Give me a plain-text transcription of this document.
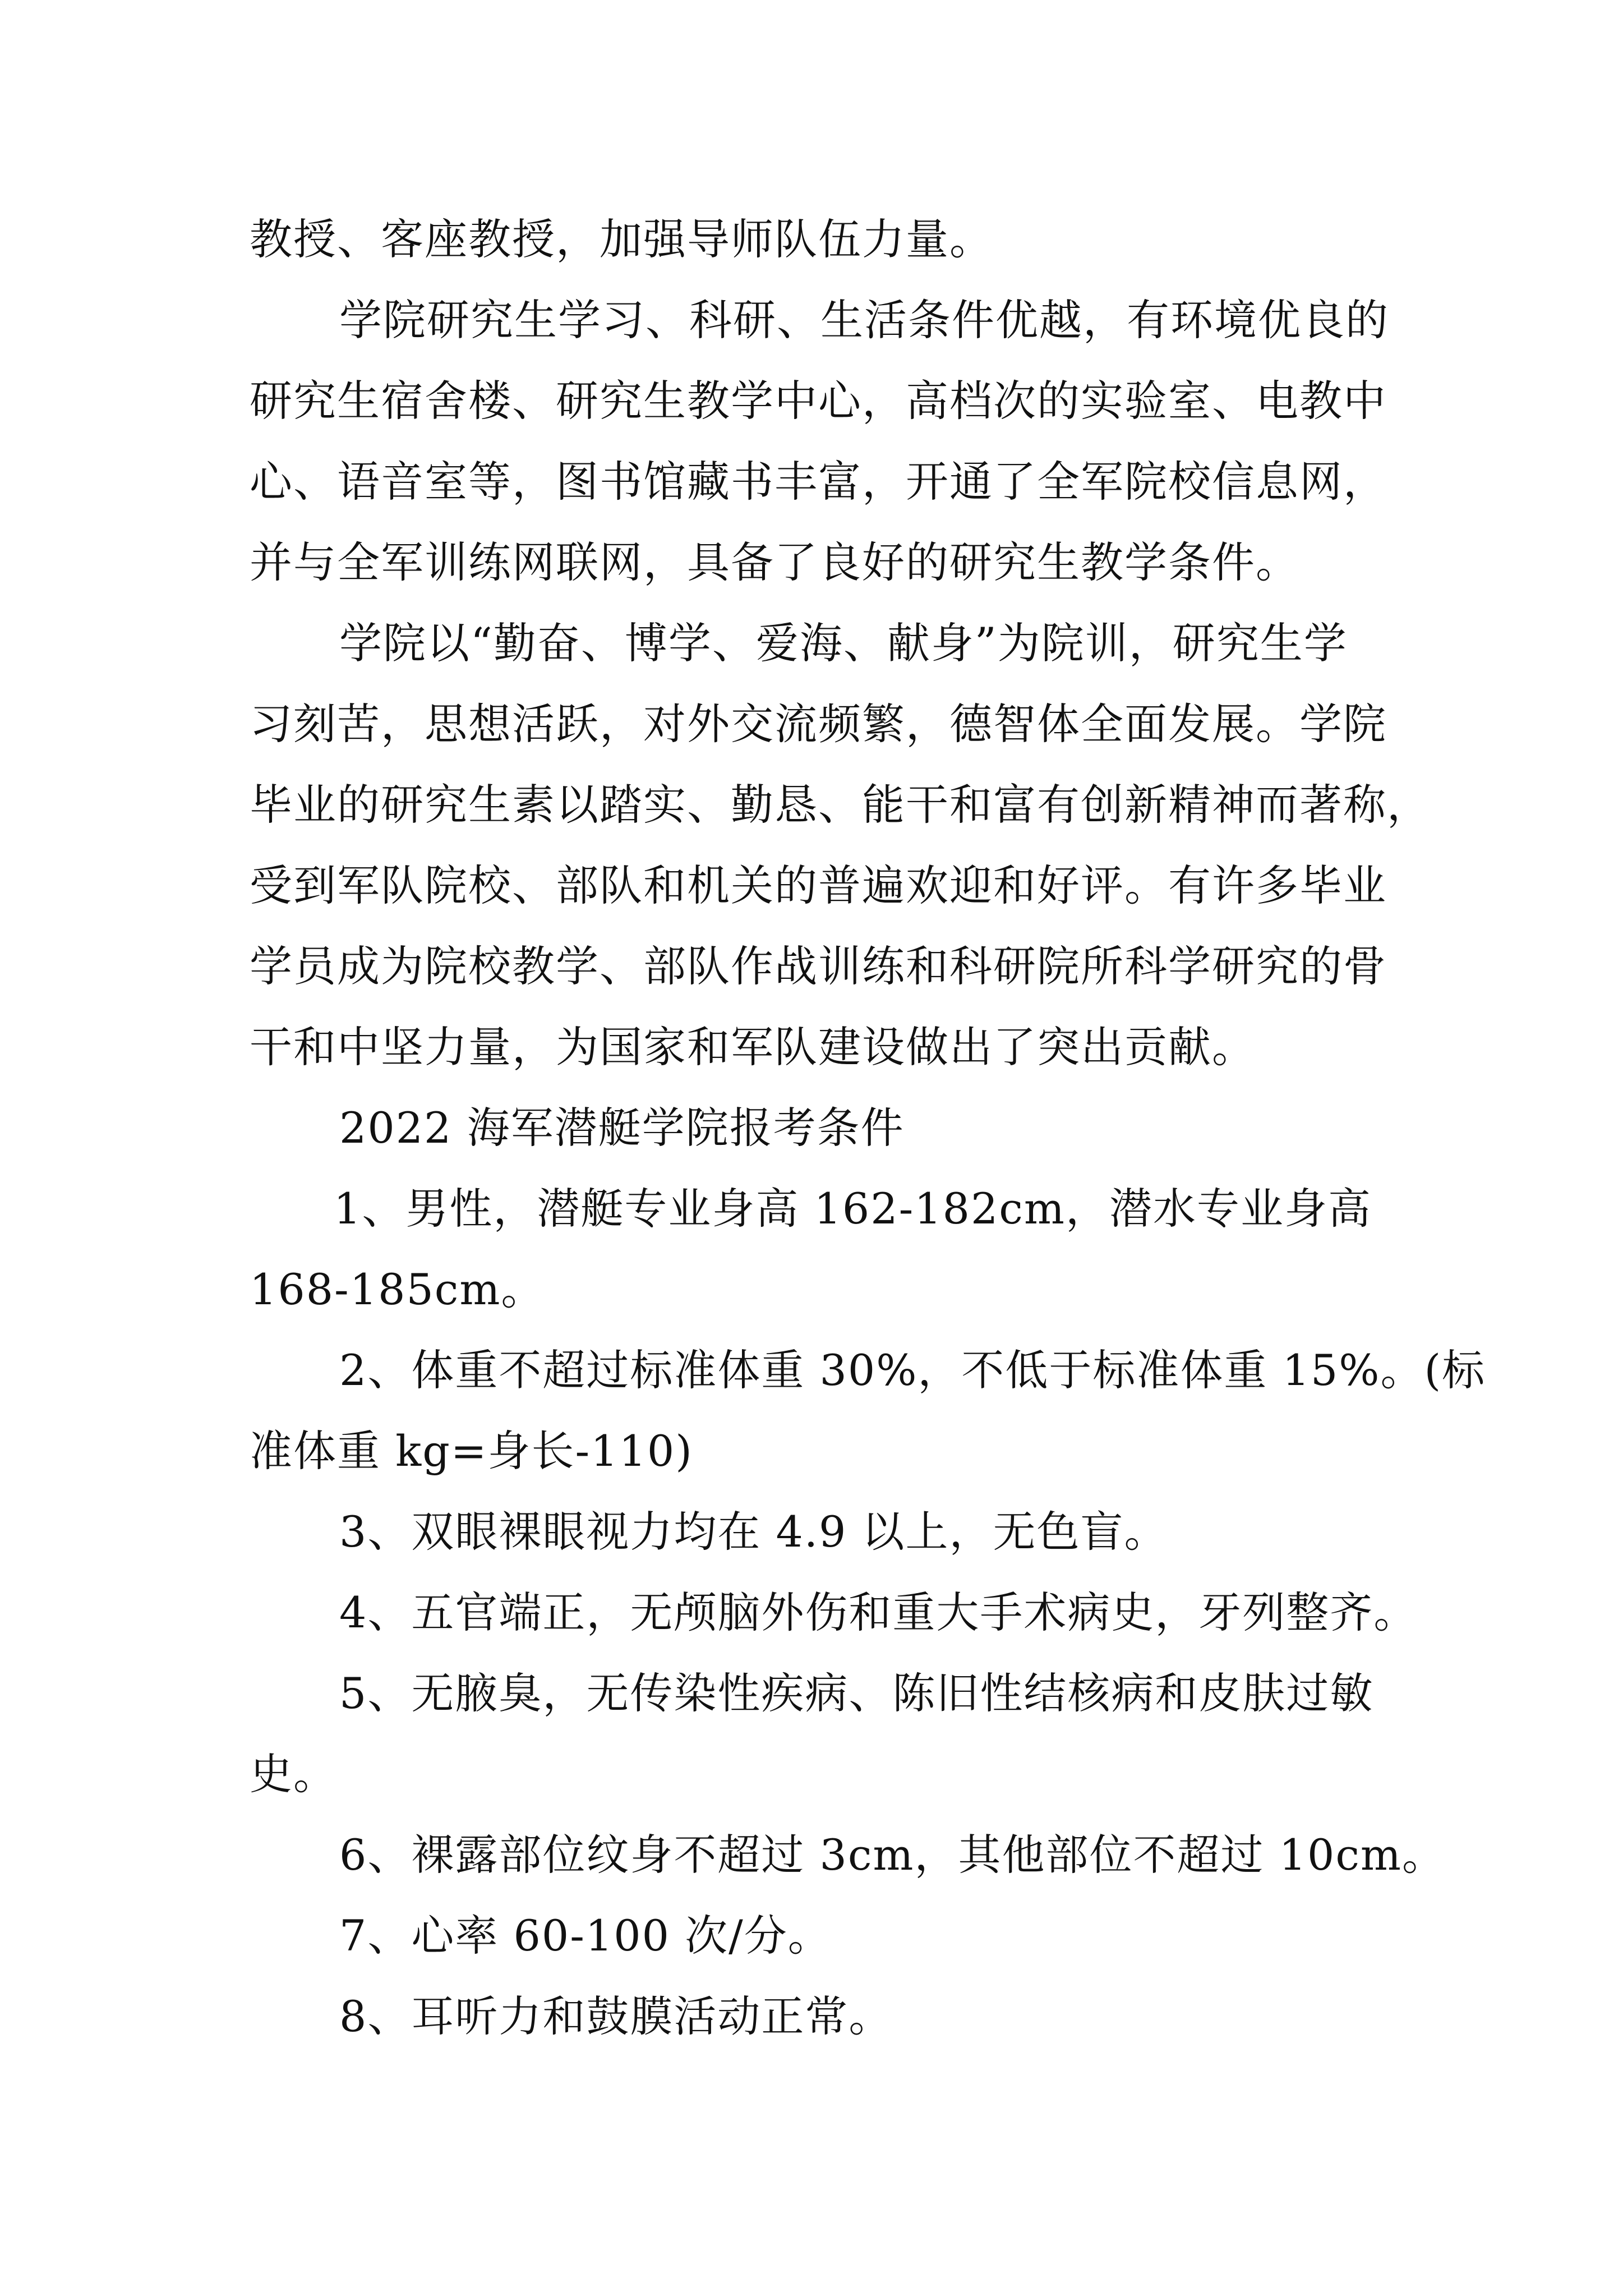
教授、客座教授，加强导师队伍力量。
学院研究生学习、科研、生活条件优越，有环境优良的
研究生宿舍楼、研究生教学中心，高档次的实验室、电教中
心、语音室等，图书馆藏书丰富，开通了全军院校信息网，
并与全军训练网联网，具备了良好的研究生教学条件。
学院以“勤奋、博学、爱海、献身”为院训，研究生学
习刻苦，思想活跃，对外交流频繁，德智体全面发展。学院
毕业的研究生素以踏实、勤恳、能干和富有创新精神而著称，
受到军队院校、部队和机关的普遍欢迎和好评。有许多毕业
学员成为院校教学、部队作战训练和科研院所科学研究的骨
干和中坚力量，为国家和军队建设做出了突出贡献。
2022 海军潜艇学院报考条件
1、男性，潜艇专业身高 162-182cm，潜水专业身高
168-185cm。
2、体重不超过标准体重 30%，不低于标准体重 15%。(标
准体重 kg=身长-110)
3、双眼裸眼视力均在 4.9 以上，无色盲。
4、五官端正，无颅脑外伤和重大手术病史，牙列整齐。
5、无腋臭，无传染性疾病、陈旧性结核病和皮肤过敏
史。
6、裸露部位纹身不超过 3cm，其他部位不超过 10cm。
7、心率 60-100 次/分。
8、耳听力和鼓膜活动正常。
